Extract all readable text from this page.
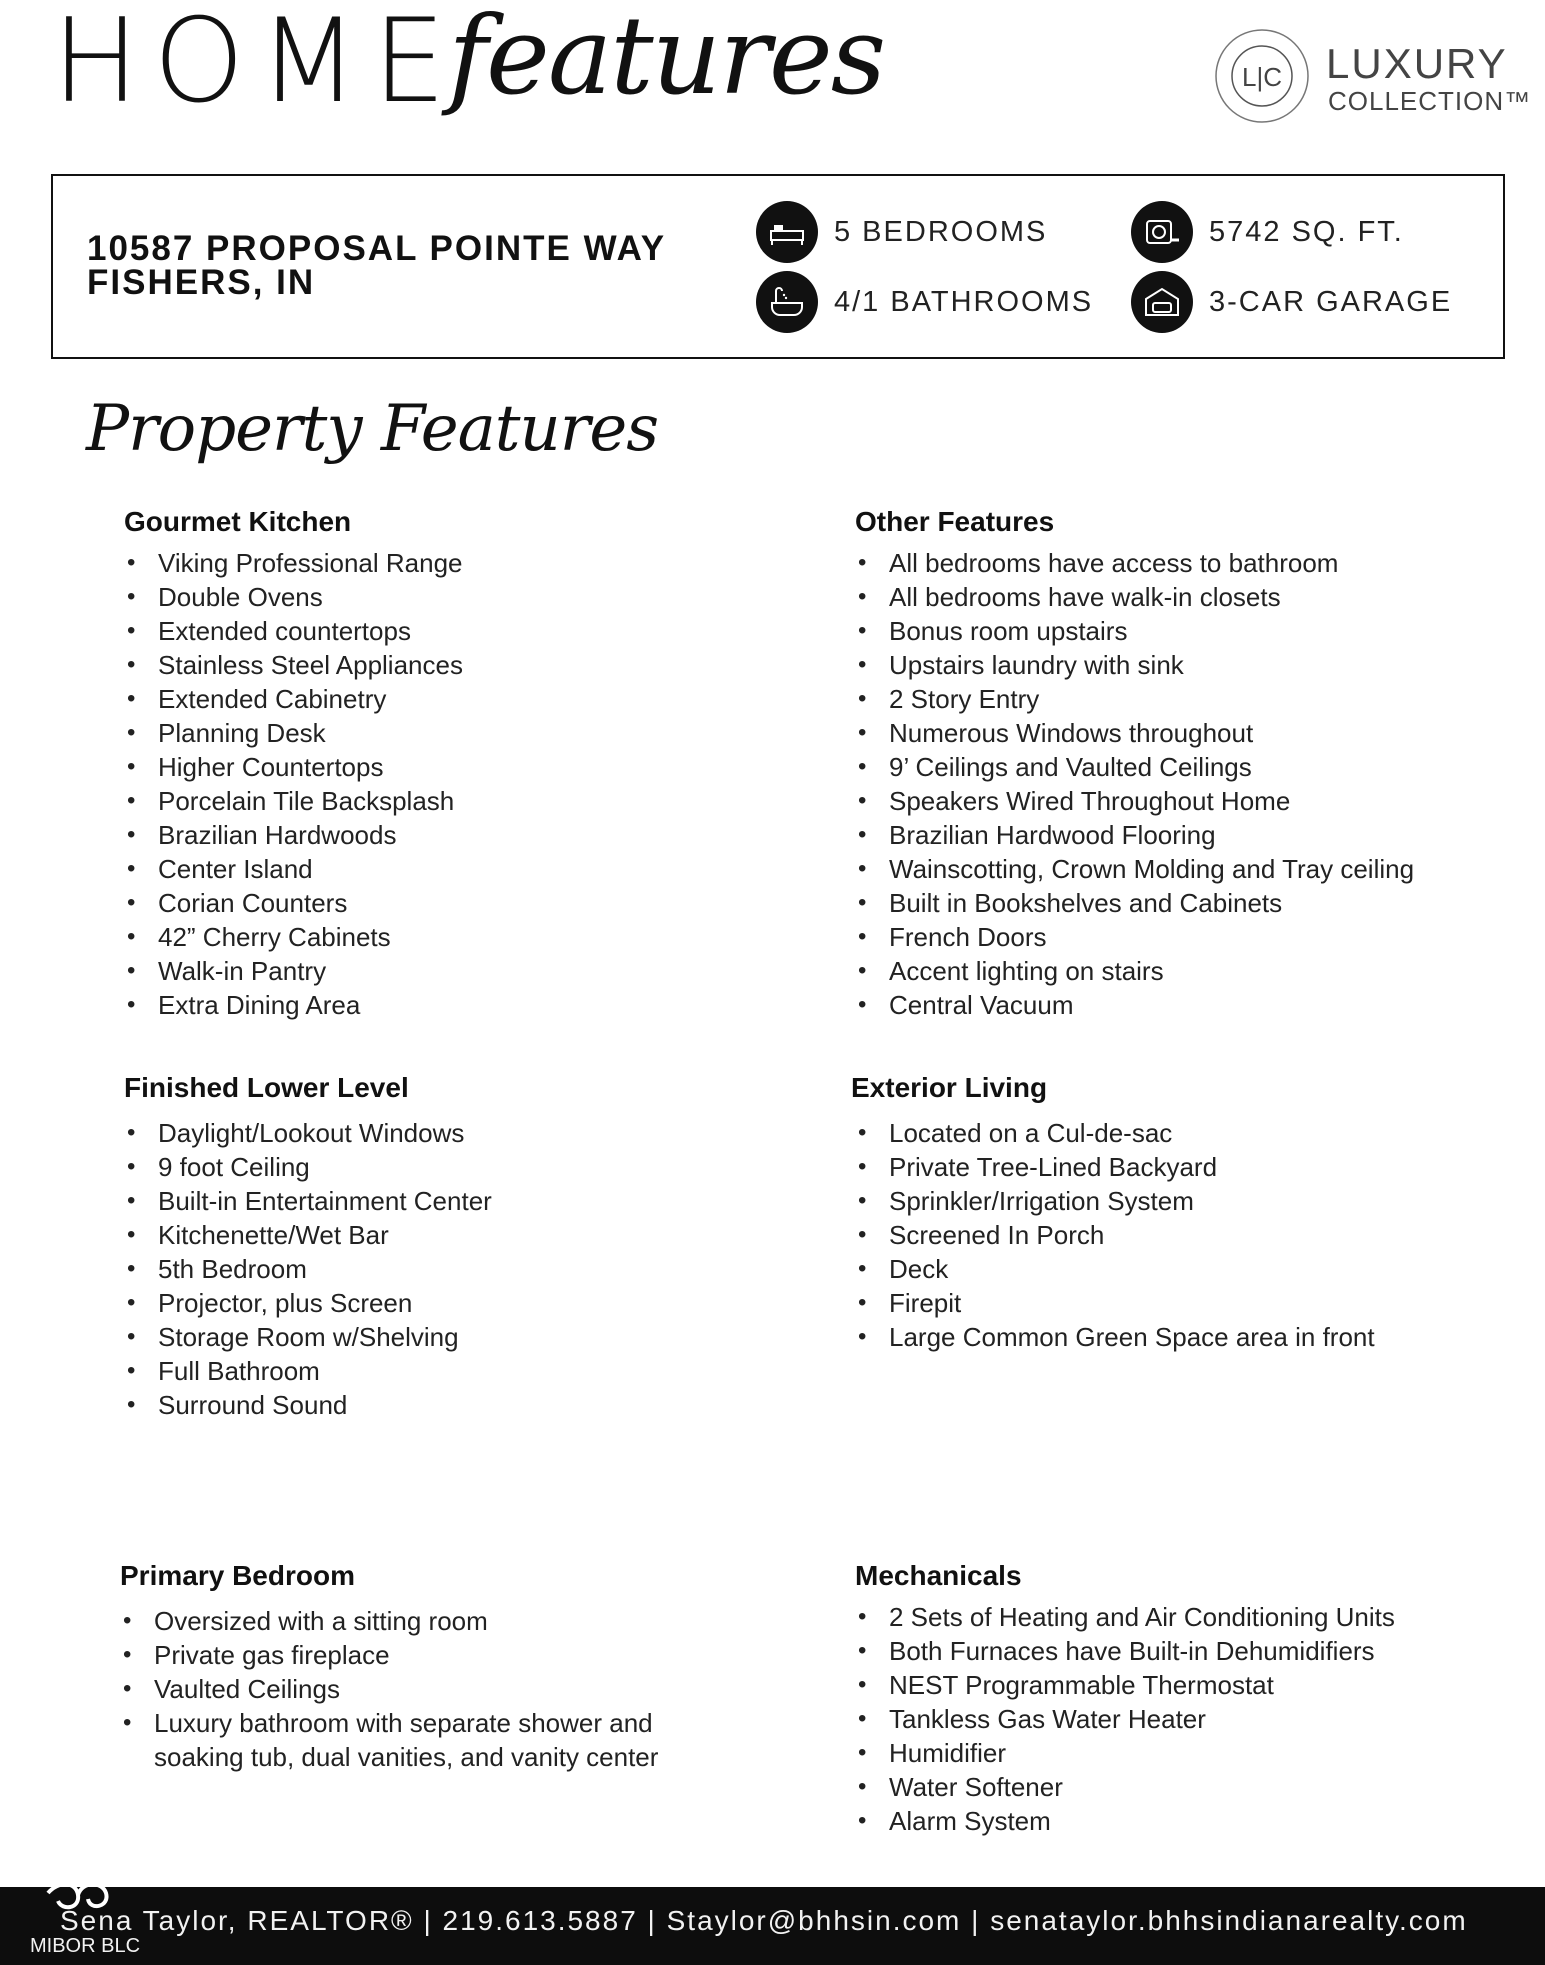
HOME
features	L|C LUXURY
COLLECTION™
10587 PROPOSAL POINTE WAY
FISHERS, IN
5 BEDROOMS	5742 SQ. FT.
4/1 BATHROOMS	3-CAR GARAGE
Property Features
Gourmet Kitchen
• Viking Professional Range
• Double Ovens
• Extended countertops
• Stainless Steel Appliances
• Extended Cabinetry
• Planning Desk
• Higher Countertops
• Porcelain Tile Backsplash
• Brazilian Hardwoods
• Center Island
• Corian Counters
• 42” Cherry Cabinets
• Walk-in Pantry
• Extra Dining Area
Other Features
• All bedrooms have access to bathroom
• All bedrooms have walk-in closets
• Bonus room upstairs
• Upstairs laundry with sink
• 2 Story Entry
• Numerous Windows throughout
• 9’ Ceilings and Vaulted Ceilings
• Speakers Wired Throughout Home
• Brazilian Hardwood Flooring
• Wainscotting, Crown Molding and Tray ceiling
• Built in Bookshelves and Cabinets
• French Doors
• Accent lighting on stairs
• Central Vacuum
Finished Lower Level
• Daylight/Lookout Windows
• 9 foot Ceiling
• Built-in Entertainment Center
• Kitchenette/Wet Bar
• 5th Bedroom
• Projector, plus Screen
• Storage Room w/Shelving
• Full Bathroom
• Surround Sound
Exterior Living
• Located on a Cul-de-sac
• Private Tree-Lined Backyard
• Sprinkler/Irrigation System
• Screened In Porch
• Deck
• Firepit
• Large Common Green Space area in front
Primary Bedroom
• Oversized with a sitting room
• Private gas fireplace
• Vaulted Ceilings
• Luxury bathroom with separate shower and soaking tub, dual vanities, and vanity center
Mechanicals
• 2 Sets of Heating and Air Conditioning Units
• Both Furnaces have Built-in Dehumidifiers
• NEST Programmable Thermostat
• Tankless Gas Water Heater
• Humidifier
• Water Softener
• Alarm System
MIBOR BLC
Sena Taylor, REALTOR® | 219.613.5887 | Staylor@bhhsin.com | senataylor.bhhsindianarealty.com
